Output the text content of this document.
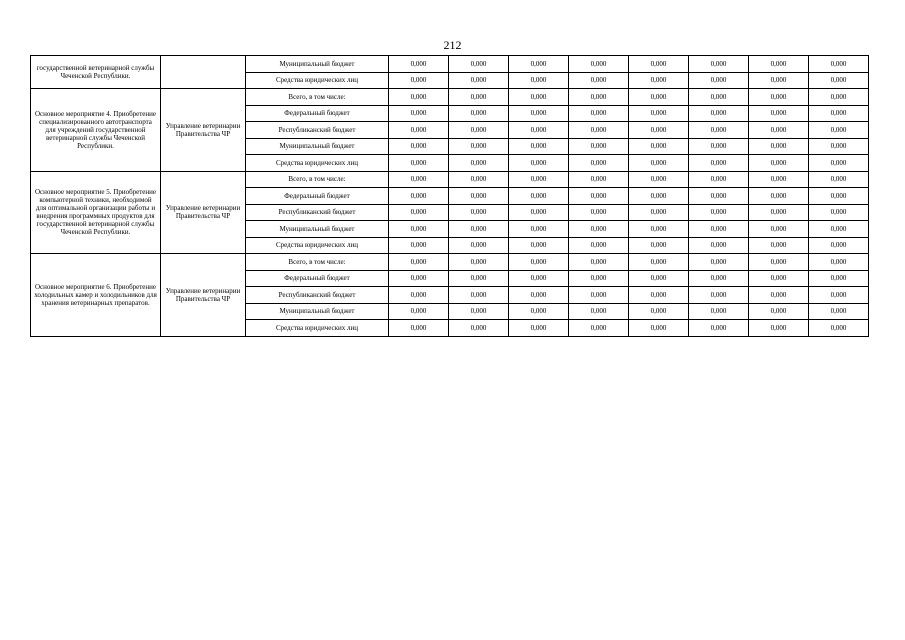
212
государственной ветеринарной службы Чеченской Республики.		Муниципальный бюджет	0,000	0,000	0,000	0,000	0,000	0,000	0,000	0,000
		Средства юридических лиц	0,000	0,000	0,000	0,000	0,000	0,000	0,000	0,000
Основное мероприятие 4. Приобретение специализированного автотранспорта для учреждений государственной ветеринарной службы Чеченской Республики.	Управление ветеринарии Правительства ЧР	Всего, в том числе:	0,000	0,000	0,000	0,000	0,000	0,000	0,000	0,000
		Федеральный бюджет	0,000	0,000	0,000	0,000	0,000	0,000	0,000	0,000
		Республиканский бюджет	0,000	0,000	0,000	0,000	0,000	0,000	0,000	0,000
		Муниципальный бюджет	0,000	0,000	0,000	0,000	0,000	0,000	0,000	0,000
		Средства юридических лиц	0,000	0,000	0,000	0,000	0,000	0,000	0,000	0,000
Основное мероприятие 5. Приобретение компьютерной техники, необходимой для оптимальной организации работы и внедрения программных продуктов для государственной ветеринарной службы Чеченской Республики.	Управление ветеринарии Правительства ЧР	Всего, в том числе:	0,000	0,000	0,000	0,000	0,000	0,000	0,000	0,000
		Федеральный бюджет	0,000	0,000	0,000	0,000	0,000	0,000	0,000	0,000
		Республиканский бюджет	0,000	0,000	0,000	0,000	0,000	0,000	0,000	0,000
		Муниципальный бюджет	0,000	0,000	0,000	0,000	0,000	0,000	0,000	0,000
		Средства юридических лиц	0,000	0,000	0,000	0,000	0,000	0,000	0,000	0,000
Основное мероприятие 6. Приобретение холодильных камер и холодильников для хранения ветеринарных препаратов.	Управление ветеринарии Правительства ЧР	Всего, в том числе:	0,000	0,000	0,000	0,000	0,000	0,000	0,000	0,000
		Федеральный бюджет	0,000	0,000	0,000	0,000	0,000	0,000	0,000	0,000
		Республиканский бюджет	0,000	0,000	0,000	0,000	0,000	0,000	0,000	0,000
		Муниципальный бюджет	0,000	0,000	0,000	0,000	0,000	0,000	0,000	0,000
		Средства юридических лиц	0,000	0,000	0,000	0,000	0,000	0,000	0,000	0,000
